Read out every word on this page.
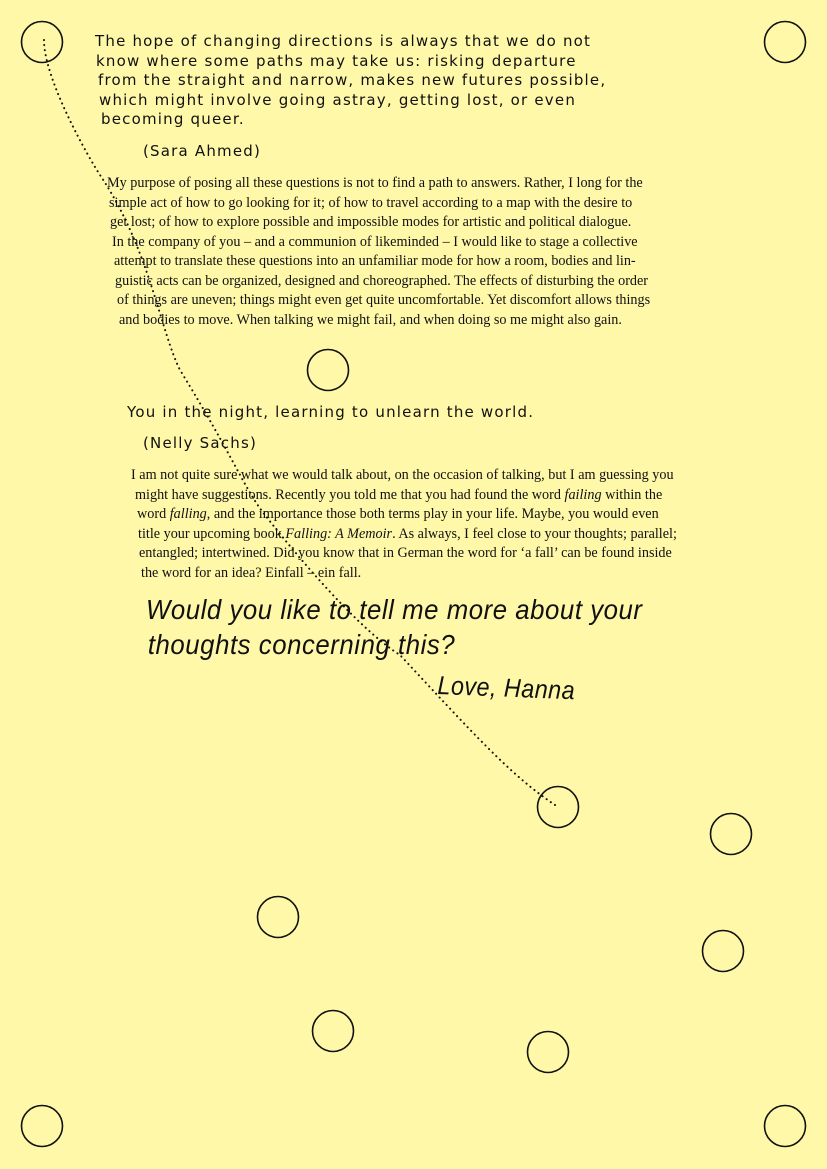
The hope of changing directions is always that we do not
know where some paths may take us: risking departure
from the straight and narrow, makes new futures possible,
which might involve going astray, getting lost, or even
becoming queer.
(Sara Ahmed)
My purpose of posing all these questions is not to find a path to answers. Rather, I long for the
simple act of how to go looking for it; of how to travel according to a map with the desire to
get lost; of how to explore possible and impossible modes for artistic and political dialogue.
In the company of you – and a communion of likeminded – I would like to stage a collective
attempt to translate these questions into an unfamiliar mode for how a room, bodies and lin-
guistic acts can be organized, designed and choreographed. The effects of disturbing the order
of things are uneven; things might even get quite uncomfortable. Yet discomfort allows things
and bodies to move. When talking we might fail, and when doing so me might also gain.
You in the night, learning to unlearn the world.
(Nelly Sachs)
I am not quite sure what we would talk about, on the occasion of talking, but I am guessing you
might have suggestions. Recently you told me that you had found the word failing within the
word falling, and the importance those both terms play in your life. Maybe, you would even
title your upcoming book Falling: A Memoir. As always, I feel close to your thoughts; parallel;
entangled; intertwined. Did you know that in German the word for ‘a fall’ can be found inside
the word for an idea? Einfall – ein fall.
Would you like to tell me more about your
thoughts concerning this?
Love, Hanna
